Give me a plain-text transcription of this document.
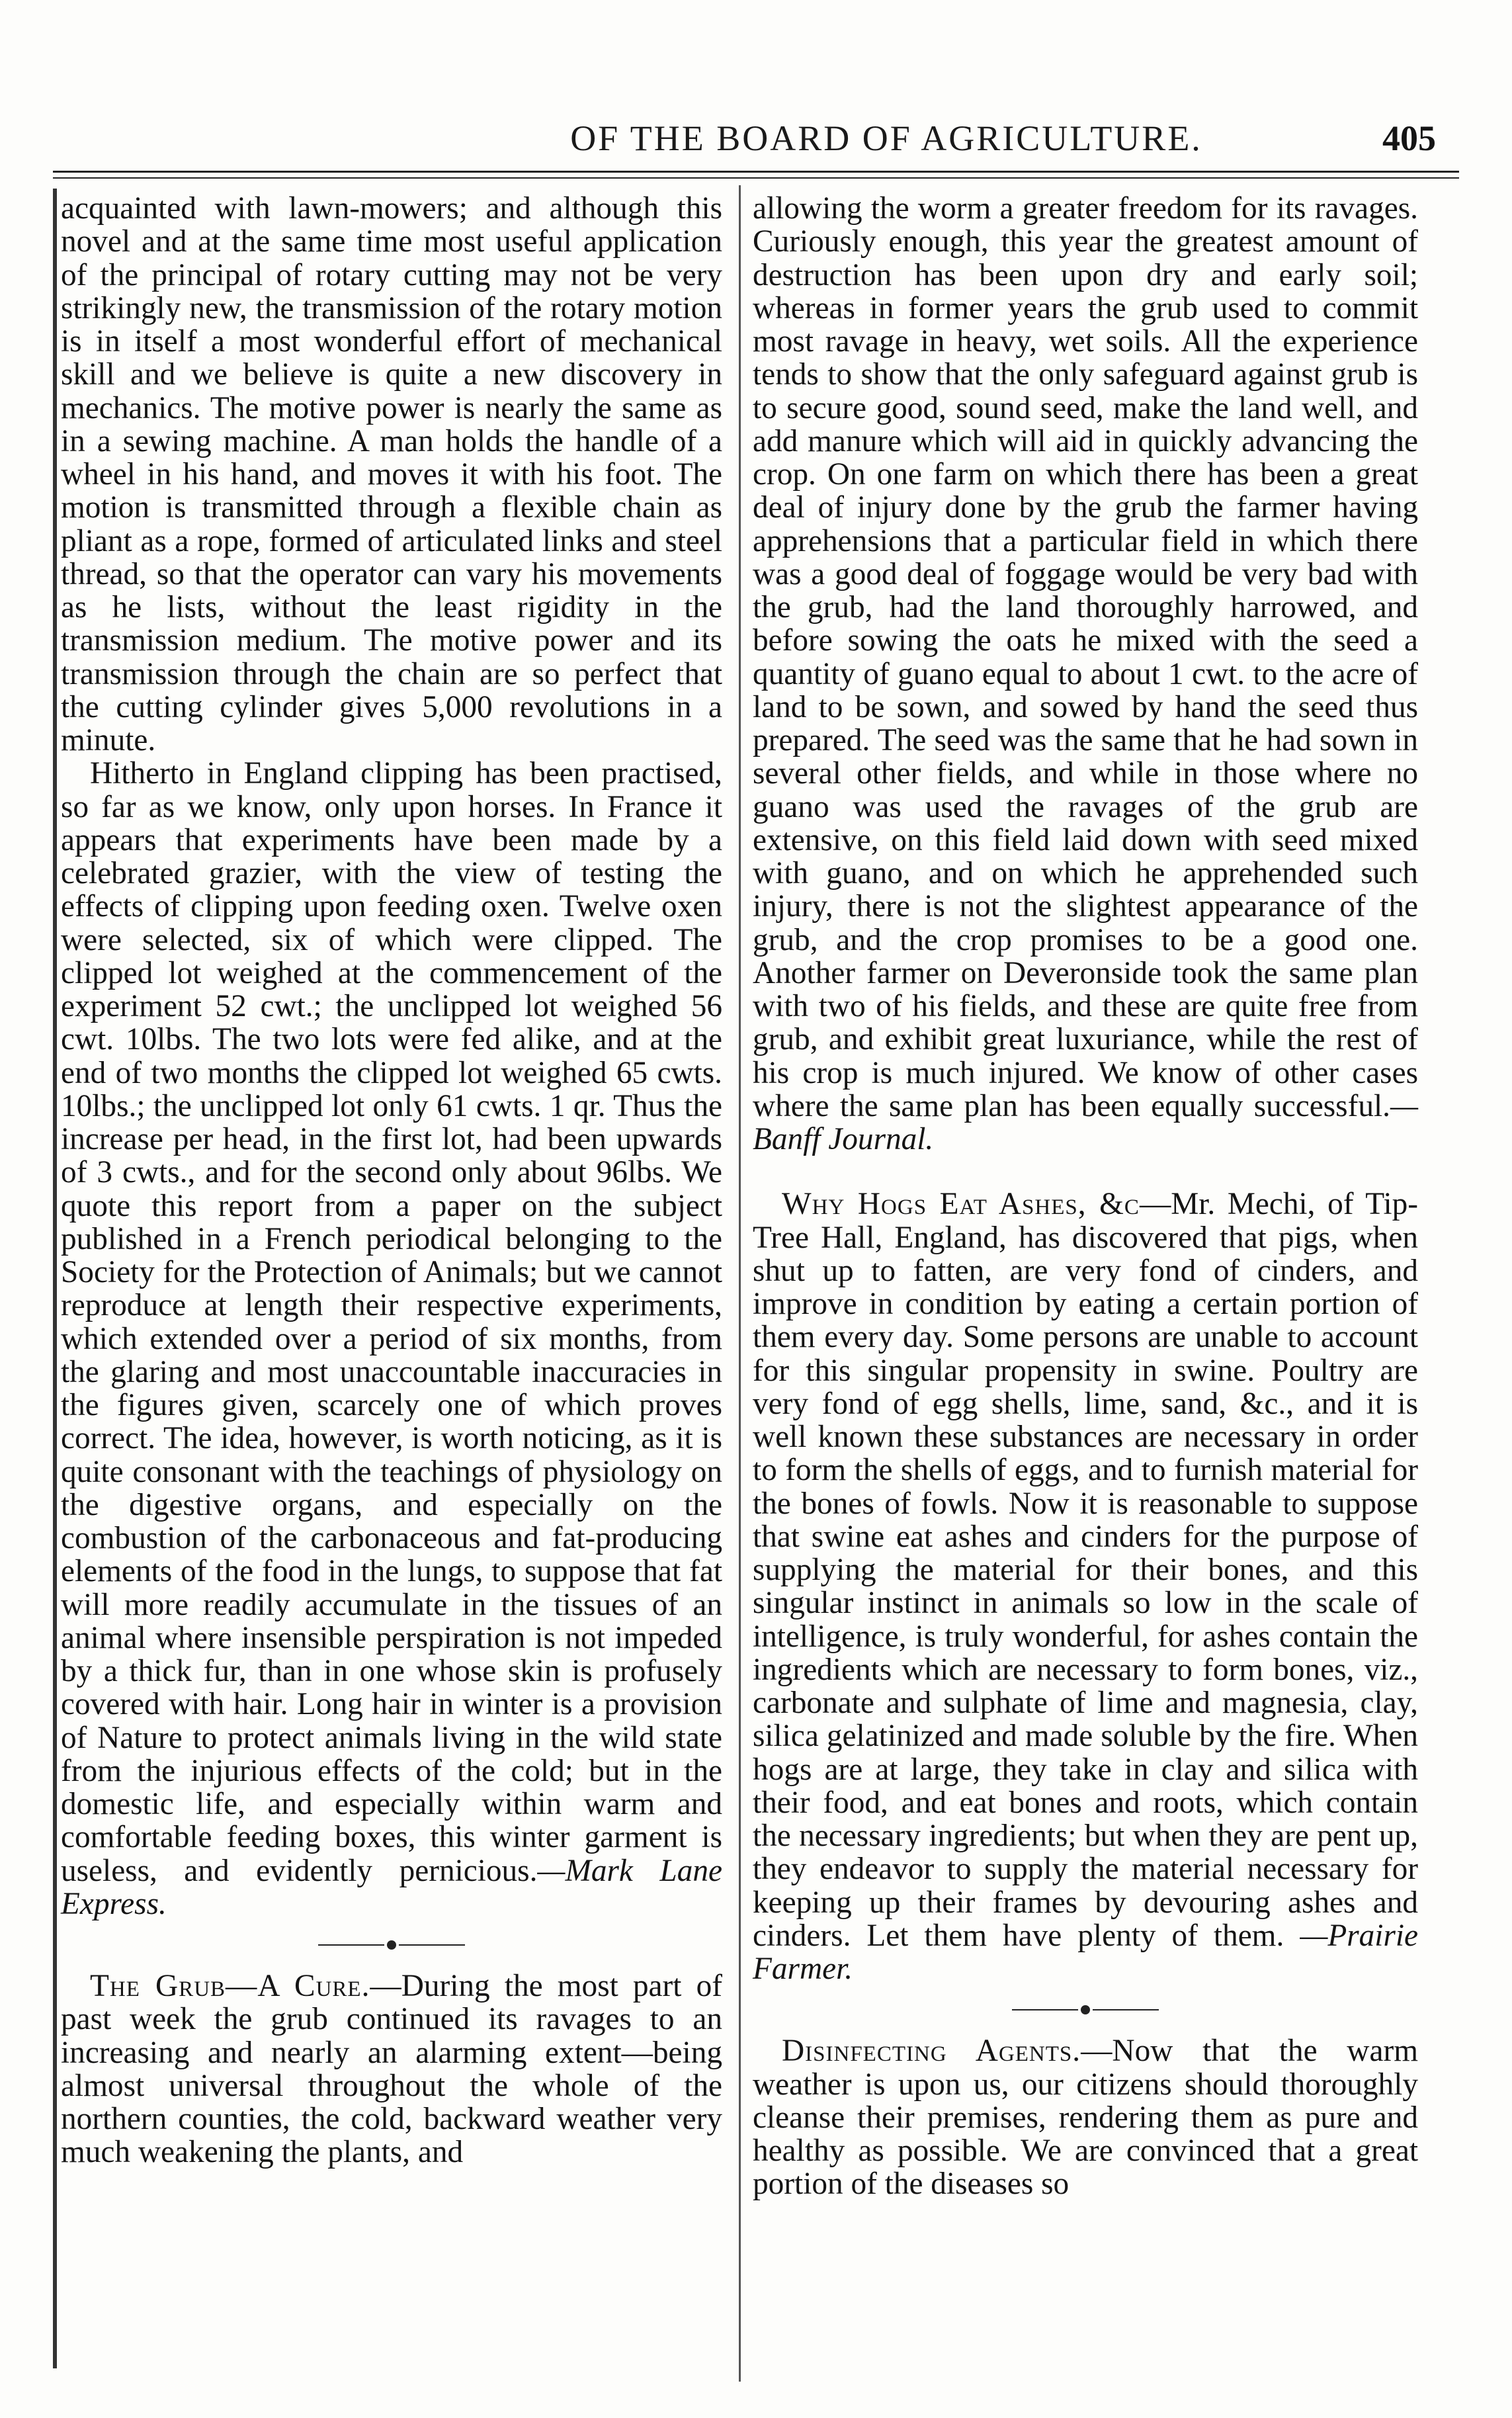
OF THE BOARD OF AGRICULTURE.	405

acquainted with lawn-mowers; and although this novel and at the same time most useful application of the principal of rotary cutting may not be very strikingly new, the transmission of the rotary motion is in itself a most wonderful effort of mechanical skill and we believe is quite a new discovery in mechanics. The motive power is nearly the same as in a sewing machine. A man holds the handle of a wheel in his hand, and moves it with his foot. The motion is transmitted through a flexible chain as pliant as a rope, formed of articulated links and steel thread, so that the operator can vary his movements as he lists, without the least rigidity in the transmission medium. The motive power and its transmission through the chain are so perfect that the cutting cylinder gives 5,000 revolutions in a minute.

Hitherto in England clipping has been practised, so far as we know, only upon horses. In France it appears that experiments have been made by a celebrated grazier, with the view of testing the effects of clipping upon feeding oxen. Twelve oxen were selected, six of which were clipped. The clipped lot weighed at the commencement of the experiment 52 cwt.; the unclipped lot weighed 56 cwt. 10lbs. The two lots were fed alike, and at the end of two months the clipped lot weighed 65 cwts. 10lbs.; the unclipped lot only 61 cwts. 1 qr. Thus the increase per head, in the first lot, had been upwards of 3 cwts., and for the second only about 96lbs. We quote this report from a paper on the subject published in a French periodical belonging to the Society for the Protection of Animals; but we cannot reproduce at length their respective experiments, which extended over a period of six months, from the glaring and most unaccountable inaccuracies in the figures given, scarcely one of which proves correct. The idea, however, is worth noticing, as it is quite consonant with the teachings of physiology on the digestive organs, and especially on the combustion of the carbonaceous and fat-producing elements of the food in the lungs, to suppose that fat will more readily accumulate in the tissues of an animal where insensible perspiration is not impeded by a thick fur, than in one whose skin is profusely covered with hair. Long hair in winter is a provision of Nature to protect animals living in the wild state from the injurious effects of the cold; but in the domestic life, and especially within warm and comfortable feeding boxes, this winter garment is useless, and evidently pernicious.—Mark Lane Express.

The Grub—A Cure.—During the most part of past week the grub continued its ravages to an increasing and nearly an alarming extent—being almost universal throughout the whole of the northern counties, the cold, backward weather very much weakening the plants, and

allowing the worm a greater freedom for its ravages. Curiously enough, this year the greatest amount of destruction has been upon dry and early soil; whereas in former years the grub used to commit most ravage in heavy, wet soils. All the experience tends to show that the only safeguard against grub is to secure good, sound seed, make the land well, and add manure which will aid in quickly advancing the crop. On one farm on which there has been a great deal of injury done by the grub the farmer having apprehensions that a particular field in which there was a good deal of foggage would be very bad with the grub, had the land thoroughly harrowed, and before sowing the oats he mixed with the seed a quantity of guano equal to about 1 cwt. to the acre of land to be sown, and sowed by hand the seed thus prepared. The seed was the same that he had sown in several other fields, and while in those where no guano was used the ravages of the grub are extensive, on this field laid down with seed mixed with guano, and on which he apprehended such injury, there is not the slightest appearance of the grub, and the crop promises to be a good one. Another farmer on Deveronside took the same plan with two of his fields, and these are quite free from grub, and exhibit great luxuriance, while the rest of his crop is much injured. We know of other cases where the same plan has been equally successful.—Banff Journal.

Why Hogs Eat Ashes, &c—Mr. Mechi, of Tip-Tree Hall, England, has discovered that pigs, when shut up to fatten, are very fond of cinders, and improve in condition by eating a certain portion of them every day. Some persons are unable to account for this singular propensity in swine. Poultry are very fond of egg shells, lime, sand, &c., and it is well known these substances are necessary in order to form the shells of eggs, and to furnish material for the bones of fowls. Now it is reasonable to suppose that swine eat ashes and cinders for the purpose of supplying the material for their bones, and this singular instinct in animals so low in the scale of intelligence, is truly wonderful, for ashes contain the ingredients which are necessary to form bones, viz., carbonate and sulphate of lime and magnesia, clay, silica gelatinized and made soluble by the fire. When hogs are at large, they take in clay and silica with their food, and eat bones and roots, which contain the necessary ingredients; but when they are pent up, they endeavor to supply the material necessary for keeping up their frames by devouring ashes and cinders. Let them have plenty of them. —Prairie Farmer.

Disinfecting Agents.—Now that the warm weather is upon us, our citizens should thoroughly cleanse their premises, rendering them as pure and healthy as possible. We are convinced that a great portion of the diseases so
